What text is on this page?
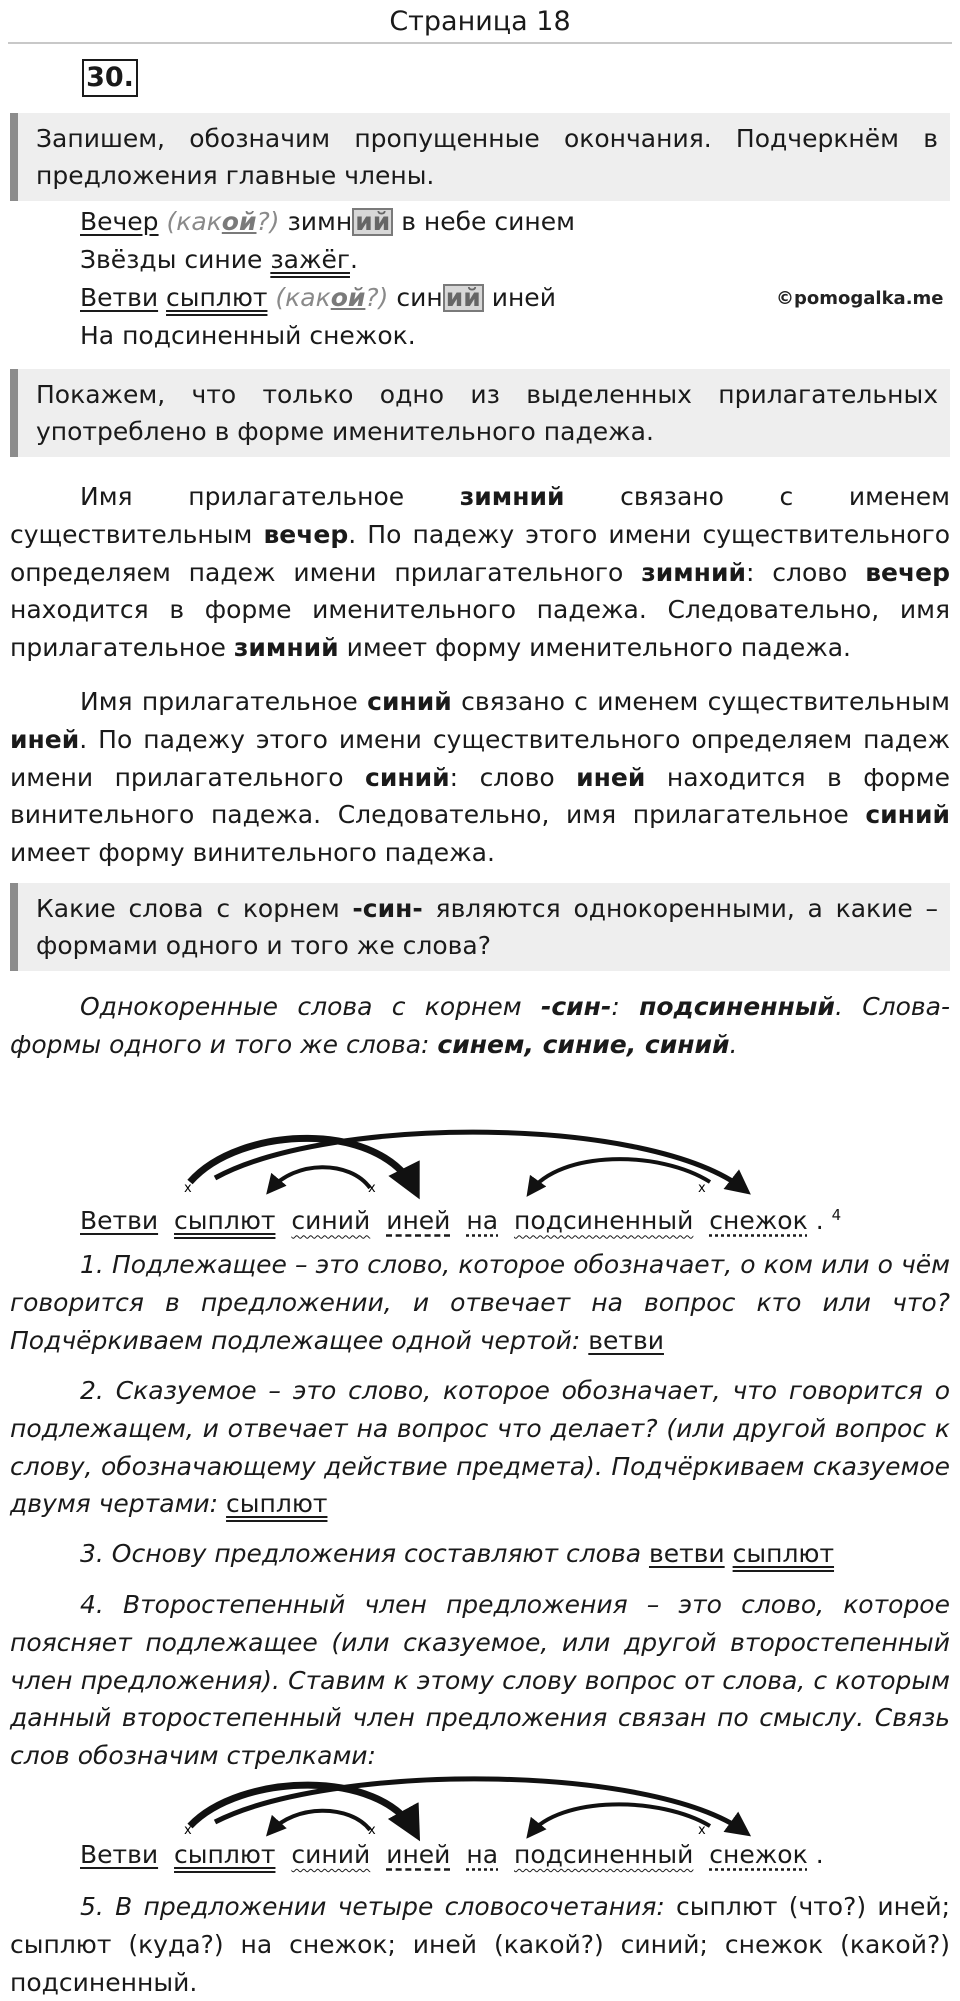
Страница 18
30.
Запишем, обозначим пропущенные окончания. Подчеркнём в предложения главные члены.
Вечер (какой?) зимн ий в небе синем
Звёзды синие зажёг.
Ветви сыплют (какой?) син ий иней
На подсиненный снежок.
©pomogalka.me
Покажем, что только одно из выделенных прилагательных употреблено в форме именительного падежа.
Имя прилагательное зимний связано с именем существительным вечер. По падежу этого имени существительного определяем падеж имени прилагательного зимний: слово вечер находится в форме именительного падежа. Следовательно, имя прилагательное зимний имеет форму именительного падежа.
Имя прилагательное синий связано с именем существительным иней. По падежу этого имени существительного определяем падеж имени прилагательного синий: слово иней находится в форме винительного падежа. Следовательно, имя прилагательное синий имеет форму винительного падежа.
Какие слова с корнем -син- являются однокоренными, а какие – формами одного и того же слова?
Однокоренные слова с корнем -син-: подсиненный. Слова-формы одного и того же слова: синем, синие, синий.
x	x	x
Ветви сыплют синий иней на подсиненный снежок . $^4$
1. Подлежащее – это слово, которое обозначает, о ком или о чём говорится в предложении, и отвечает на вопрос кто или что? Подчёркиваем подлежащее одной чертой: ветви
2. Сказуемое – это слово, которое обозначает, что говорится о подлежащем, и отвечает на вопрос что делает? (или другой вопрос к слову, обозначающему действие предмета). Подчёркиваем сказуемое двумя чертами: сыплют
3. Основу предложения составляют слова ветви сыплют
4. Второстепенный член предложения – это слово, которое поясняет подлежащее (или сказуемое, или другой второстепенный член предложения). Ставим к этому слову вопрос от слова, с которым данный второстепенный член предложения связан по смыслу. Связь слов обозначим стрелками:
x	x	x
Ветви сыплют синий иней на подсиненный снежок .
5. В предложении четыре словосочетания: сыплют (что?) иней; сыплют (куда?) на снежок; иней (какой?) синий; снежок (какой?) подсиненный.
